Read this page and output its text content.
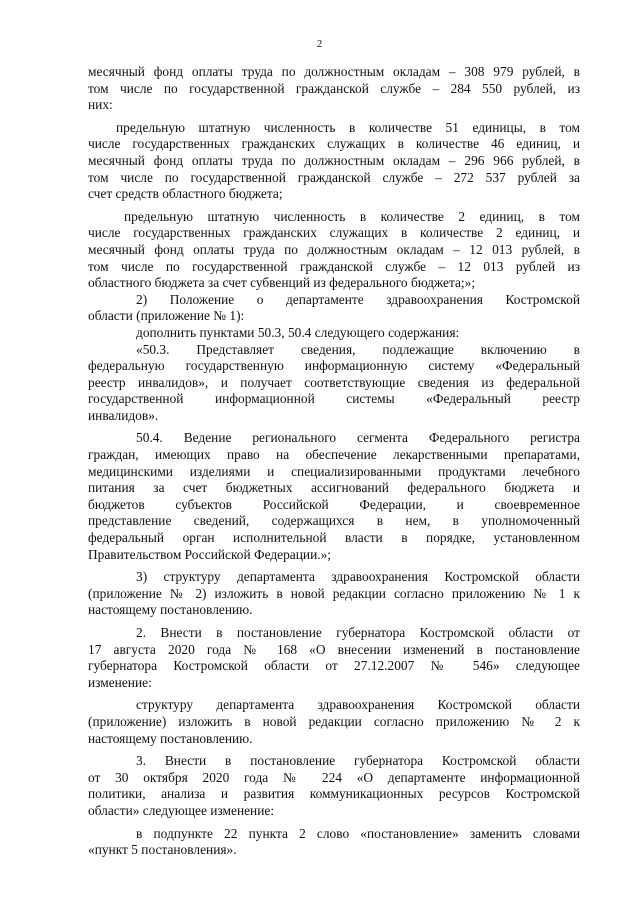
2

месячный фонд оплаты труда по должностным окладам – 308 979 рублей, в
том числе по государственной гражданской службе – 284 550 рублей, из
них:

предельную штатную численность в количестве 51 единицы, в том
числе государственных гражданских служащих в количестве 46 единиц, и
месячный фонд оплаты труда по должностным окладам – 296 966 рублей, в
том числе по государственной гражданской службе – 272 537 рублей за
счет средств областного бюджета;

предельную штатную численность в количестве 2 единиц, в том
числе государственных гражданских служащих в количестве 2 единиц, и
месячный фонд оплаты труда по должностным окладам – 12 013 рублей, в
том числе по государственной гражданской службе – 12 013 рублей из
областного бюджета за счет субвенций из федерального бюджета;»;

2) Положение о департаменте здравоохранения Костромской
области (приложение № 1):

дополнить пунктами 50.3, 50.4 следующего содержания:

«50.3. Представляет сведения, подлежащие включению в
федеральную государственную информационную систему «Федеральный
реестр инвалидов», и получает соответствующие сведения из федеральной
государственной информационной системы «Федеральный реестр
инвалидов».

50.4. Ведение регионального сегмента Федерального регистра
граждан, имеющих право на обеспечение лекарственными препаратами,
медицинскими изделиями и специализированными продуктами лечебного
питания за счет бюджетных ассигнований федерального бюджета и
бюджетов субъектов Российской Федерации, и своевременное
представление сведений, содержащихся в нем, в уполномоченный
федеральный орган исполнительной власти в порядке, установленном
Правительством Российской Федерации.»;

3) структуру департамента здравоохранения Костромской области
(приложение № 2) изложить в новой редакции согласно приложению № 1 к
настоящему постановлению.

2. Внести в постановление губернатора Костромской области от
17 августа 2020 года № 168 «О внесении изменений в постановление
губернатора Костромской области от 27.12.2007 № 546» следующее
изменение:

структуру департамента здравоохранения Костромской области
(приложение) изложить в новой редакции согласно приложению № 2 к
настоящему постановлению.

3. Внести в постановление губернатора Костромской области
от 30 октября 2020 года № 224 «О департаменте информационной
политики, анализа и развития коммуникационных ресурсов Костромской
области» следующее изменение:

в подпункте 22 пункта 2 слово «постановление» заменить словами
«пункт 5 постановления».
